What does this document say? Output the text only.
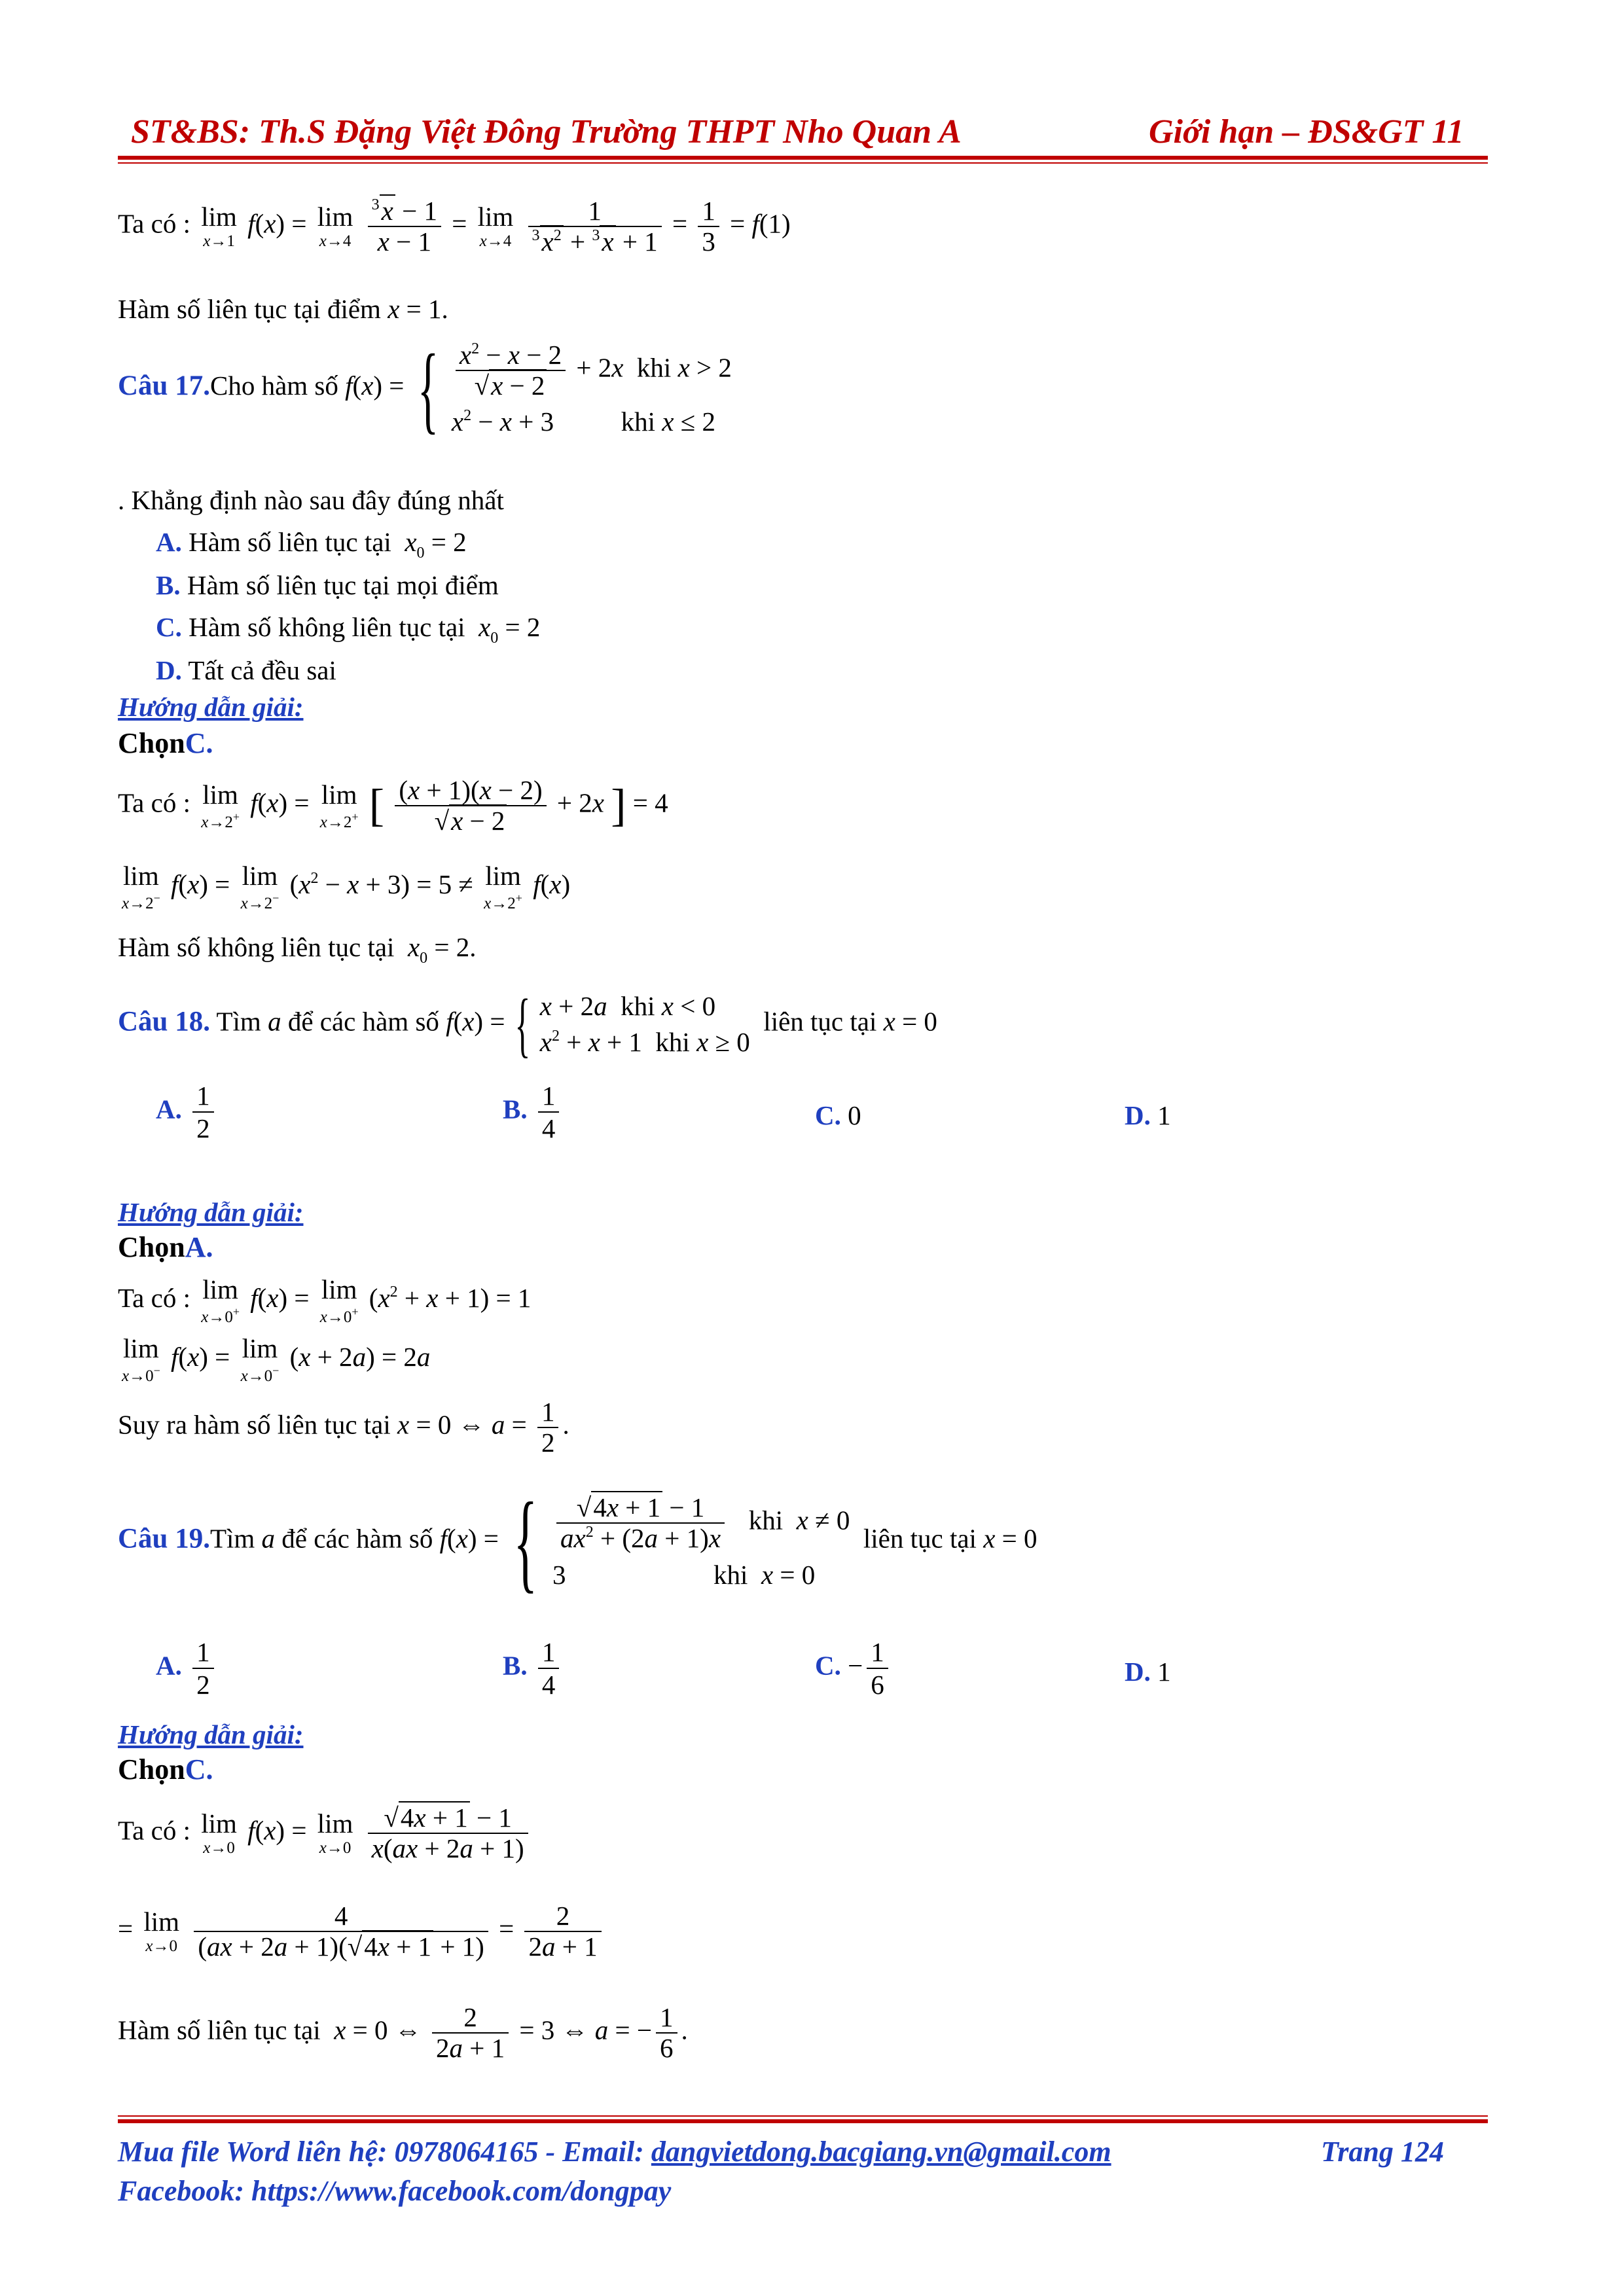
ST&BS: Th.S Đặng Việt Đông Trường THPT Nho Quan A	Giới hạn – ĐS&GT 11
Ta có : lim
x→1
f(x) = lim
x→4
$\frac{^3x - 1}{x - 1} = \lim$
x→4
$\frac{1}{^3x^2 + ^3x + 1} = \frac{1}{3} = f(1)$
Hàm số liên tục tại điểm x = 1.
Câu 17.Cho hàm số f(x) = { $\frac{x^2 - x - 2}{√x - 2} + 2x$ khi x > 2
$x^2 - x + 3$          khi x ≤ 2
. Khẳng định nào sau đây đúng nhất
A. Hàm số liên tục tại $x_0 = 2$
B. Hàm số liên tục tại mọi điểm
C. Hàm số không liên tục tại $x_0 = 2$
D. Tất cả đều sai
Hướng dẫn giải:
ChọnC.
Ta có : lim
x→2+ f(x) = lim
x→2+ [ $\frac{(x + 1)(x - 2)}{√x - 2} + 2x$ ] = 4
lim
x→2− f(x) = lim
x→2− $(x^2 - x + 3) = 5 \ne \lim$
x→2+ f(x)
Hàm số không liên tục tại $x_0 = 2$.
Câu 18. Tìm a để các hàm số f(x) = { x + 2a khi x < 0
$x^2 + x + 1$  khi x ≥ 0
liên tục tại x = 0
A. $\frac{1}{2}$	B. $\frac{1}{4}$	C. 0	D. 1
Hướng dẫn giải:
ChọnA.
Ta có : lim
x→0+ f(x) = lim
x→0+ $(x^2 + x + 1) = 1$
lim
x→0− f(x) = lim
x→0− (x + 2a) = 2a
Suy ra hàm số liên tục tại x = 0 ⇔ $a = \frac{1}{2}$ .
Câu 19.Tìm a để các hàm số f(x) = { $\frac{√4x + 1 - 1}{ax^2 + (2a + 1)x}$ khi x ≠ 0
3                      khi x = 0
liên tục tại x = 0
A. $\frac{1}{2}$	B. $\frac{1}{4}$	C. − $\frac{1}{6}$	D. 1
Hướng dẫn giải:
ChọnC.
Ta có : lim
x→0
f(x) = lim
x→0
$\frac{√4x + 1 - 1}{x(ax + 2a + 1)}$
= lim
x→0
$\frac{4}{(ax + 2a + 1)(√4x + 1 + 1)} = \frac{2}{2a + 1}$
Hàm số liên tục tại x = 0 ⇔ $\frac{2}{2a + 1} = 3$ ⇔ a = − $\frac{1}{6}$ .
Mua file Word liên hệ: 0978064165 - Email: dangvietdong.bacgiang.vn@gmail.com	Trang 124
Facebook: https://www.facebook.com/dongpay
